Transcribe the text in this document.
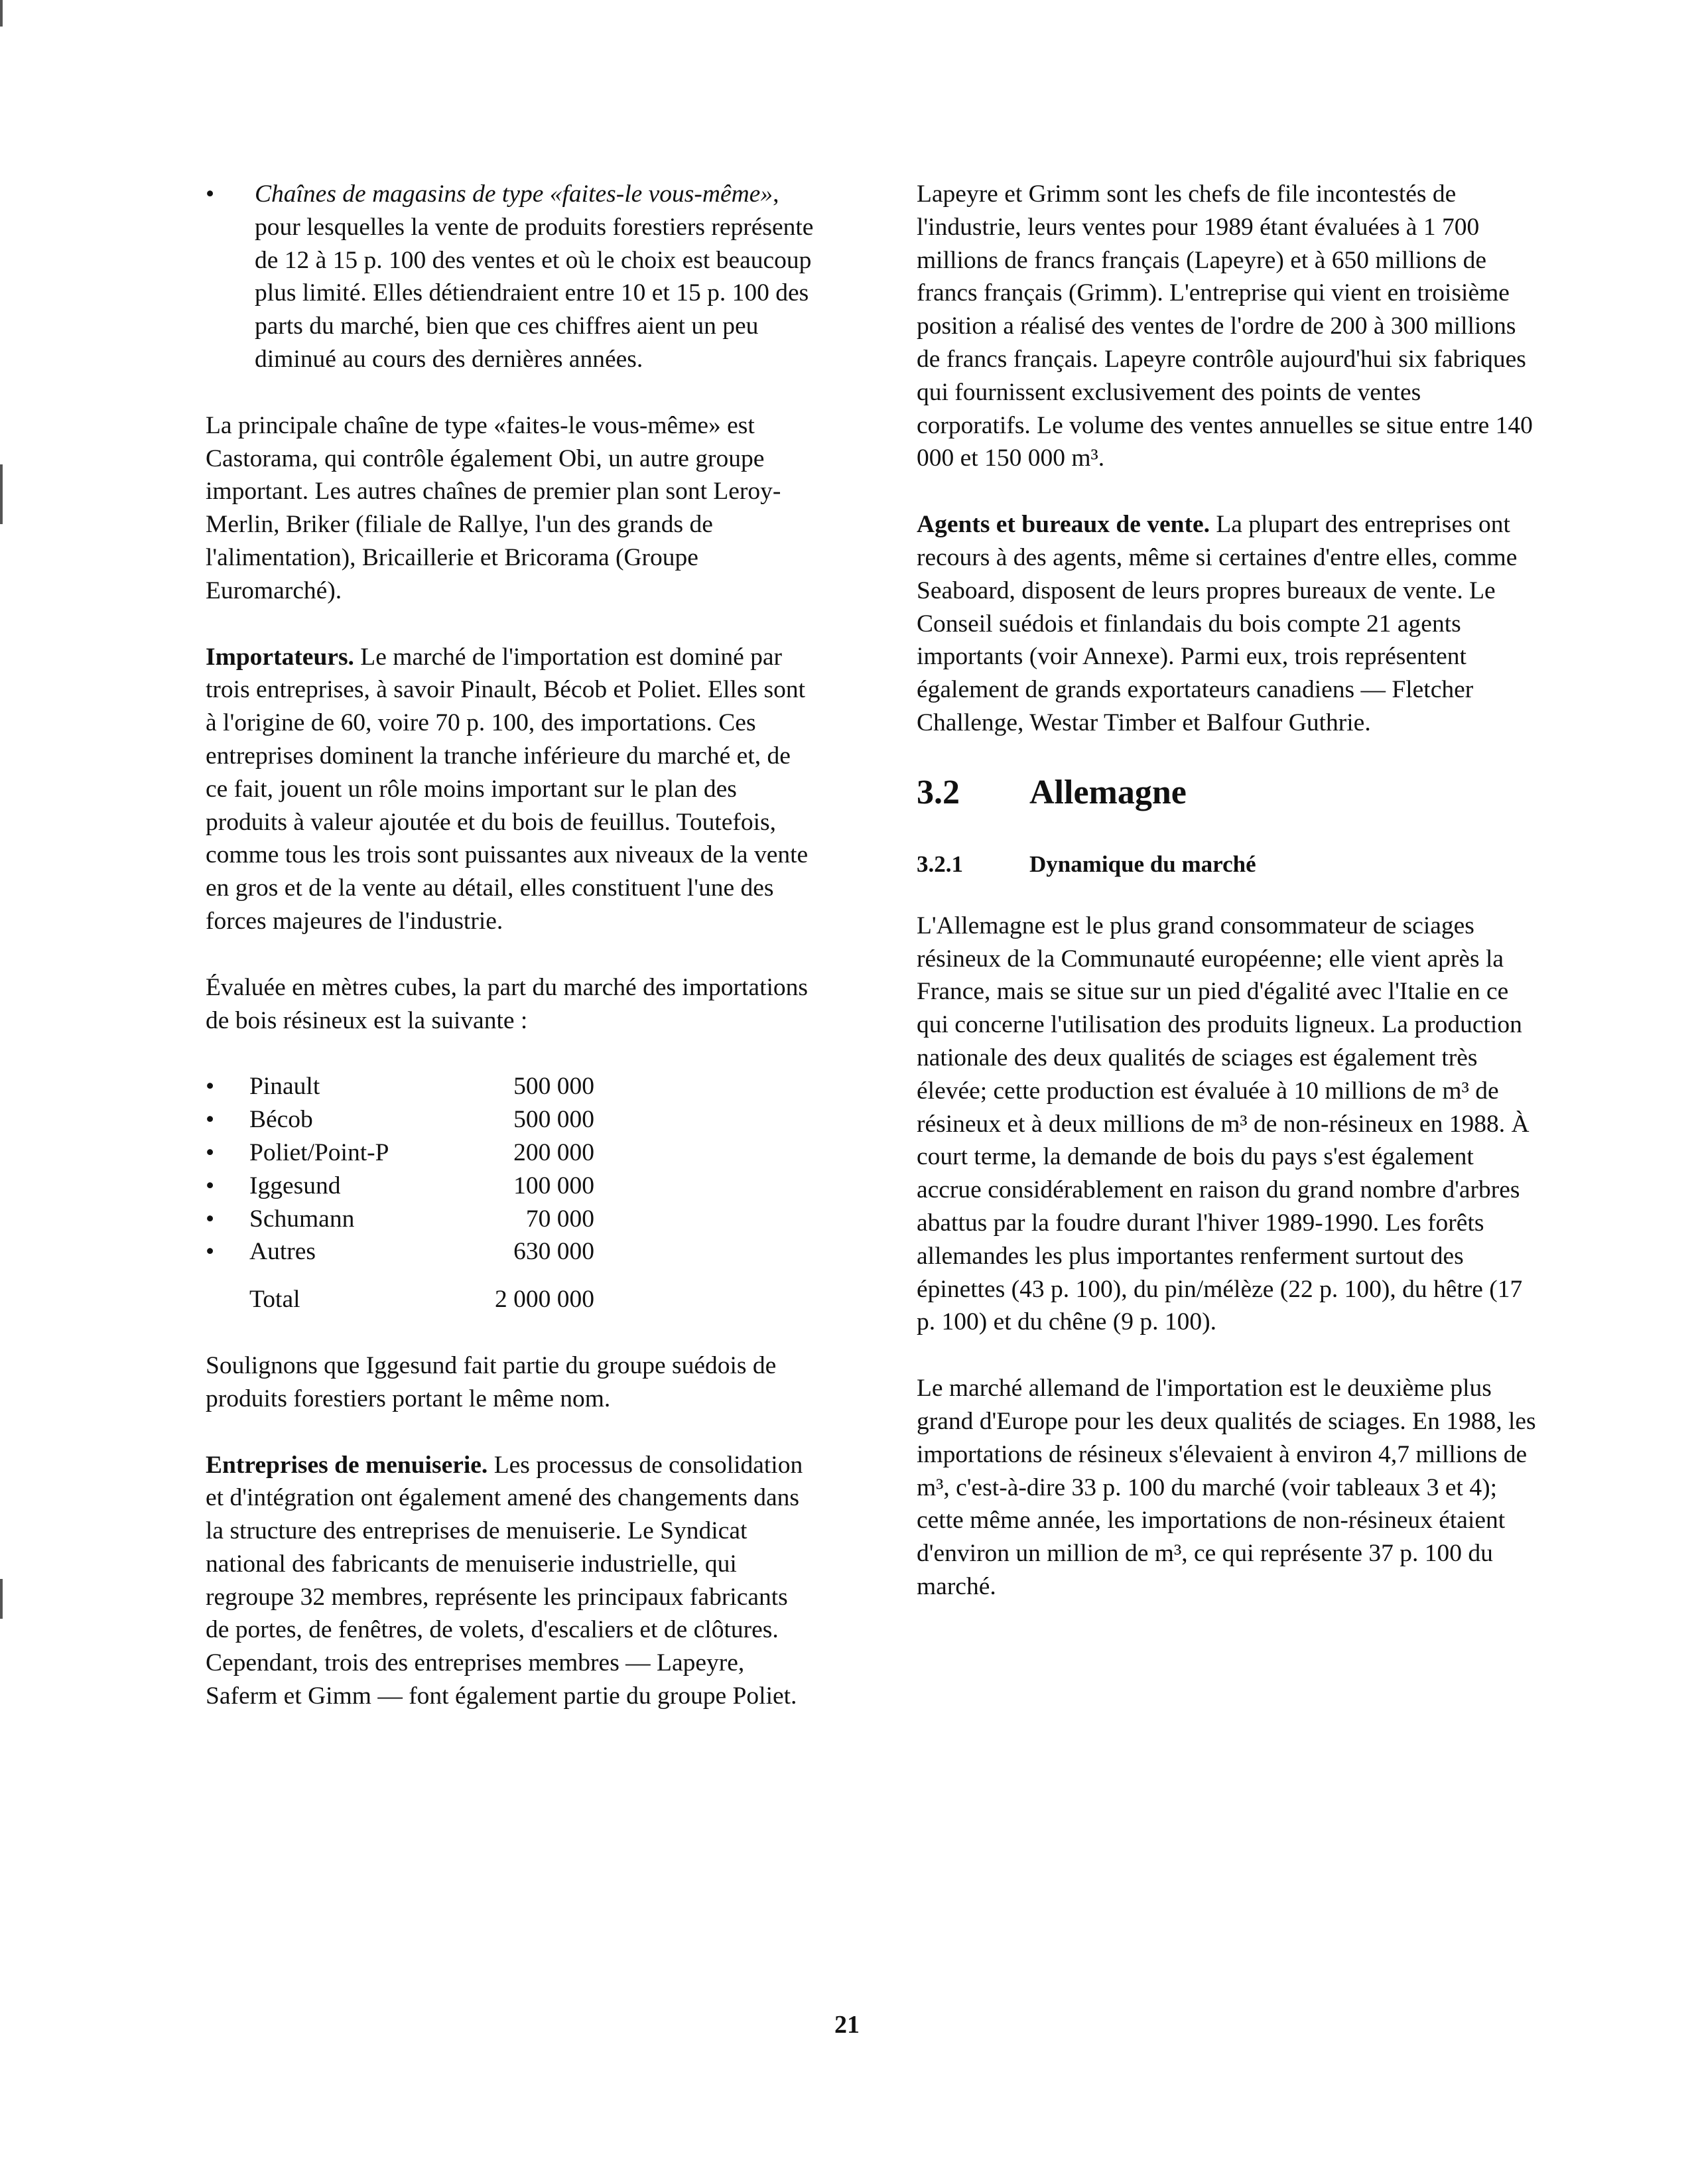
• Chaînes de magasins de type «faites-le vous-même», pour lesquelles la vente de produits forestiers représente de 12 à 15 p. 100 des ventes et où le choix est beaucoup plus limité. Elles détiendraient entre 10 et 15 p. 100 des parts du marché, bien que ces chiffres aient un peu diminué au cours des dernières années.

La principale chaîne de type «faites-le vous-même» est Castorama, qui contrôle également Obi, un autre groupe important. Les autres chaînes de premier plan sont Leroy-Merlin, Briker (filiale de Rallye, l'un des grands de l'alimentation), Bricaillerie et Bricorama (Groupe Euromarché).

Importateurs. Le marché de l'importation est dominé par trois entreprises, à savoir Pinault, Bécob et Poliet. Elles sont à l'origine de 60, voire 70 p. 100, des importations. Ces entreprises dominent la tranche inférieure du marché et, de ce fait, jouent un rôle moins important sur le plan des produits à valeur ajoutée et du bois de feuillus. Toutefois, comme tous les trois sont puissantes aux niveaux de la vente en gros et de la vente au détail, elles constituent l'une des forces majeures de l'industrie.

Évaluée en mètres cubes, la part du marché des importations de bois résineux est la suivante :

•	Pinault	500 000
•	Bécob	500 000
•	Poliet/Point-P	200 000
•	Iggesund	100 000
•	Schumann	70 000
•	Autres	630 000
Total	2 000 000

Soulignons que Iggesund fait partie du groupe suédois de produits forestiers portant le même nom.

Entreprises de menuiserie. Les processus de consolidation et d'intégration ont également amené des changements dans la structure des entreprises de menuiserie. Le Syndicat national des fabricants de menuiserie industrielle, qui regroupe 32 membres, représente les principaux fabricants de portes, de fenêtres, de volets, d'escaliers et de clôtures. Cependant, trois des entreprises membres — Lapeyre, Saferm et Gimm — font également partie du groupe Poliet.

Lapeyre et Grimm sont les chefs de file incontestés de l'industrie, leurs ventes pour 1989 étant évaluées à 1 700 millions de francs français (Lapeyre) et à 650 millions de francs français (Grimm). L'entreprise qui vient en troisième position a réalisé des ventes de l'ordre de 200 à 300 millions de francs français. Lapeyre contrôle aujourd'hui six fabriques qui fournissent exclusivement des points de ventes corporatifs. Le volume des ventes annuelles se situe entre 140 000 et 150 000 m³.

Agents et bureaux de vente. La plupart des entreprises ont recours à des agents, même si certaines d'entre elles, comme Seaboard, disposent de leurs propres bureaux de vente. Le Conseil suédois et finlandais du bois compte 21 agents importants (voir Annexe). Parmi eux, trois représentent également de grands exportateurs canadiens — Fletcher Challenge, Westar Timber et Balfour Guthrie.

3.2	Allemagne
3.2.1	Dynamique du marché

L'Allemagne est le plus grand consommateur de sciages résineux de la Communauté européenne; elle vient après la France, mais se situe sur un pied d'égalité avec l'Italie en ce qui concerne l'utilisation des produits ligneux. La production nationale des deux qualités de sciages est également très élevée; cette production est évaluée à 10 millions de m³ de résineux et à deux millions de m³ de non-résineux en 1988. À court terme, la demande de bois du pays s'est également accrue considérablement en raison du grand nombre d'arbres abattus par la foudre durant l'hiver 1989-1990. Les forêts allemandes les plus importantes renferment surtout des épinettes (43 p. 100), du pin/mélèze (22 p. 100), du hêtre (17 p. 100) et du chêne (9 p. 100).

Le marché allemand de l'importation est le deuxième plus grand d'Europe pour les deux qualités de sciages. En 1988, les importations de résineux s'élevaient à environ 4,7 millions de m³, c'est-à-dire 33 p. 100 du marché (voir tableaux 3 et 4); cette même année, les importations de non-résineux étaient d'environ un million de m³, ce qui représente 37 p. 100 du marché.

21
